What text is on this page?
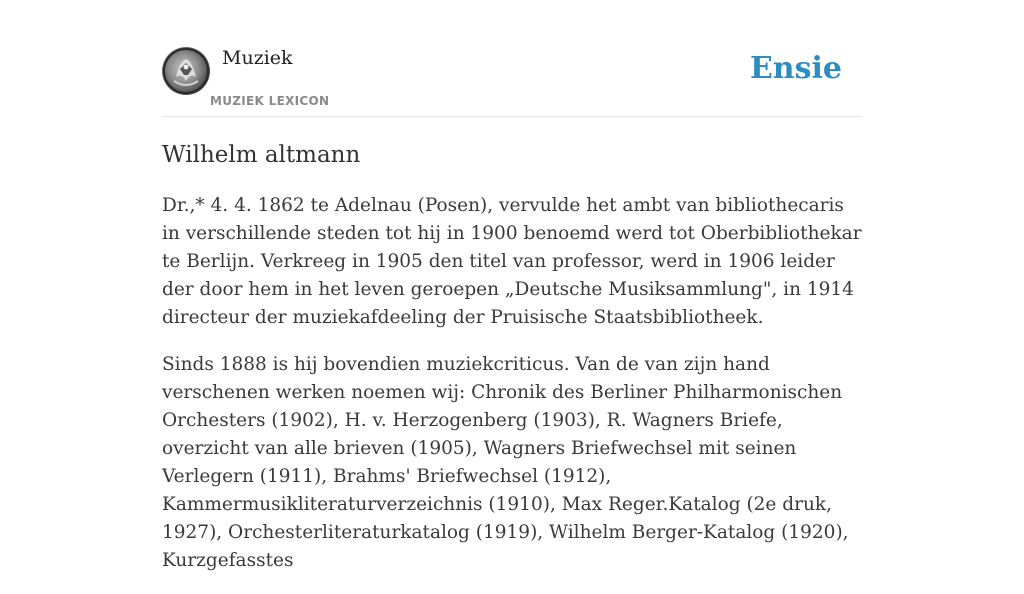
Muziek
MUZIEK LEXICON
Ensie
Wilhelm altmann

Dr.,* 4. 4. 1862 te Adelnau (Posen), vervulde het ambt van bibliothecaris in verschillende steden tot hij in 1900 benoemd werd tot Oberbibliothekar te Berlijn. Verkreeg in 1905 den titel van professor, werd in 1906 leider der door hem in het leven geroepen „Deutsche Musiksammlung", in 1914 directeur der muziekafdeeling der Pruisische Staatsbibliotheek.

Sinds 1888 is hij bovendien muziekcriticus. Van de van zijn hand verschenen werken noemen wij: Chronik des Berliner Philharmonischen Orchesters (1902), H. v. Herzogenberg (1903), R. Wagners Briefe, overzicht van alle brieven (1905), Wagners Briefwechsel mit seinen Verlegern (1911), Brahms' Briefwechsel (1912), Kammermusikliteraturverzeichnis (1910), Max Reger.Katalog (2e druk, 1927), Orchesterliteraturkatalog (1919), Wilhelm Berger-Katalog (1920), Kurzgefasstes
